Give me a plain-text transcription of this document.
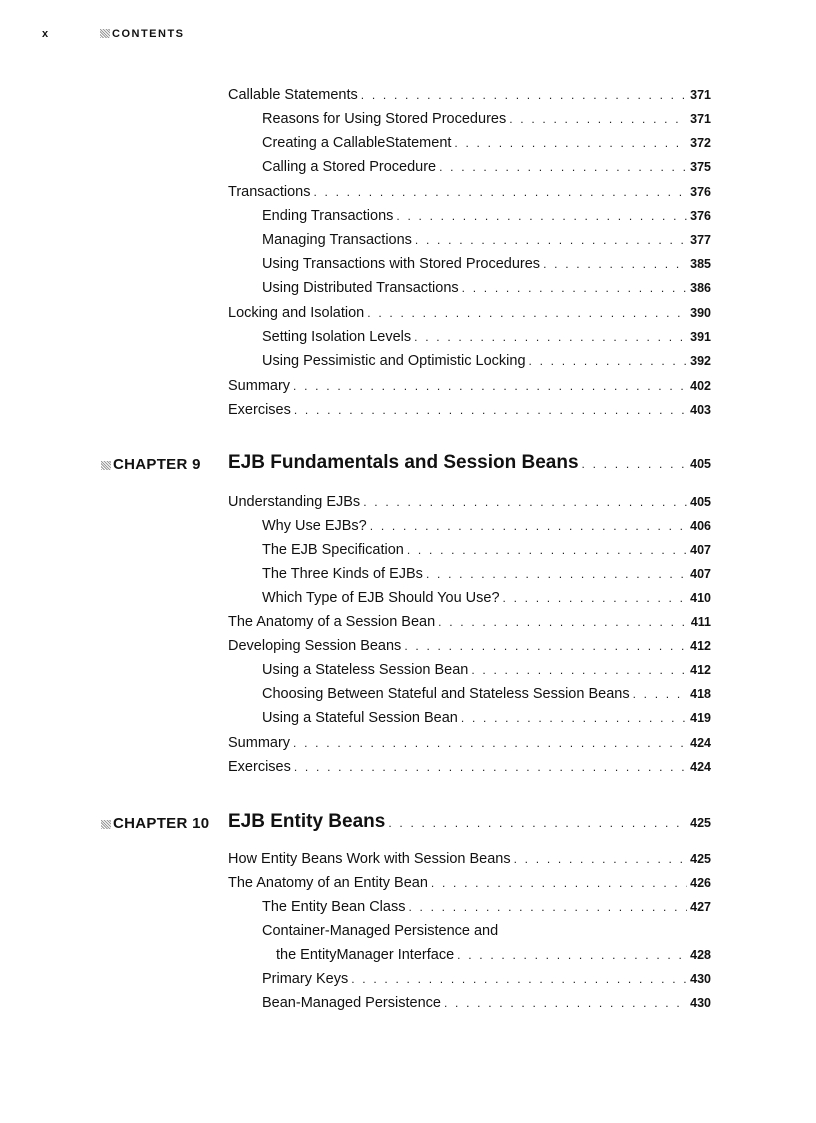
x	CONTENTS
Callable Statements . . .	371
Reasons for Using Stored Procedures . . .	371
Creating a CallableStatement . . .	372
Calling a Stored Procedure . . .	375
Transactions . . .	376
Ending Transactions . . .	376
Managing Transactions . . .	377
Using Transactions with Stored Procedures . . .	385
Using Distributed Transactions . . .	386
Locking and Isolation . . .	390
Setting Isolation Levels . . .	391
Using Pessimistic and Optimistic Locking . . .	392
Summary . . .	402
Exercises . . .	403
CHAPTER 9 EJB Fundamentals and Session Beans . . .	405
Understanding EJBs . . .	405
Why Use EJBs? . . .	406
The EJB Specification . . .	407
The Three Kinds of EJBs . . .	407
Which Type of EJB Should You Use? . . .	410
The Anatomy of a Session Bean . . .	411
Developing Session Beans . . .	412
Using a Stateless Session Bean . . .	412
Choosing Between Stateful and Stateless Session Beans . . .	418
Using a Stateful Session Bean . . .	419
Summary . . .	424
Exercises . . .	424
CHAPTER 10 EJB Entity Beans . . .	425
How Entity Beans Work with Session Beans . . .	425
The Anatomy of an Entity Bean . . .	426
The Entity Bean Class . . .	427
Container-Managed Persistence and
the EntityManager Interface . . .	428
Primary Keys . . .	430
Bean-Managed Persistence . . .	430
